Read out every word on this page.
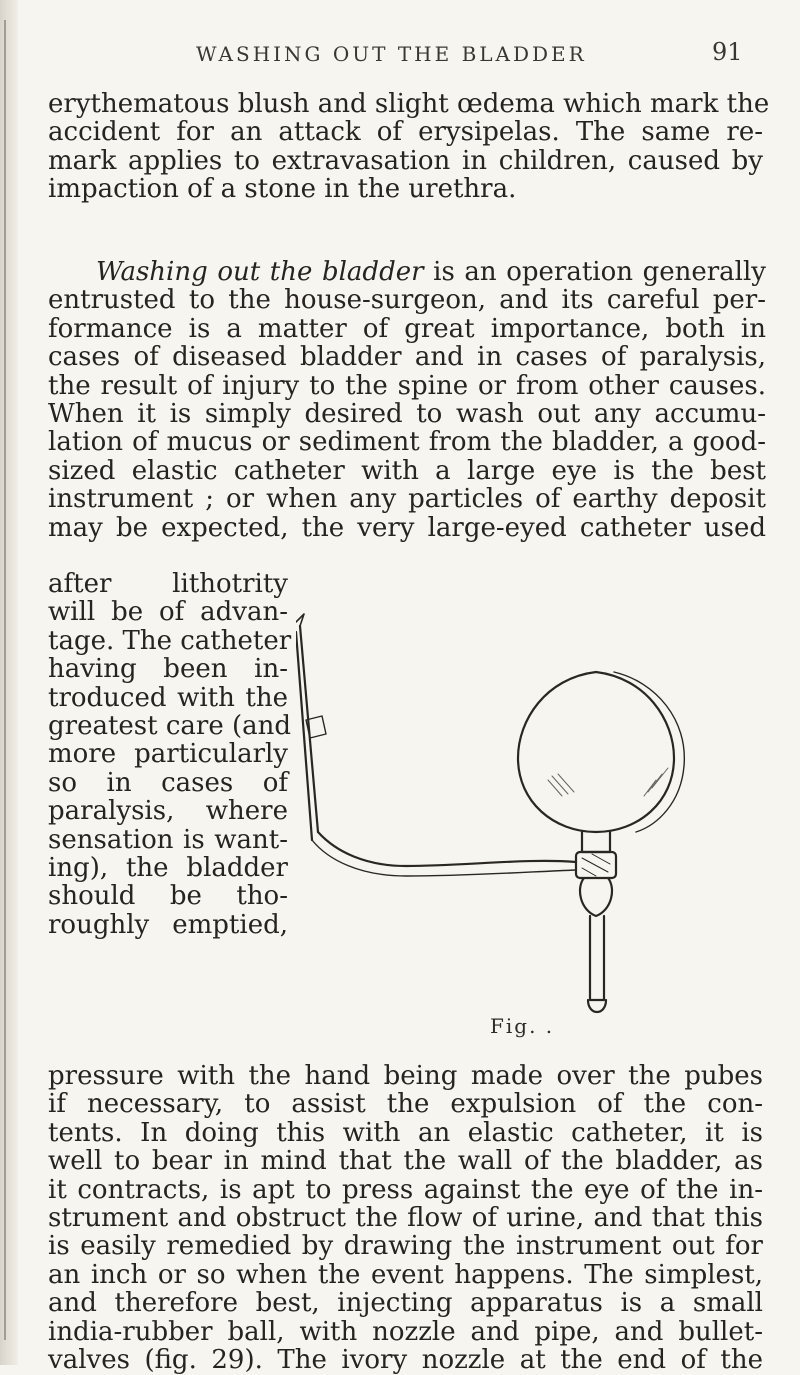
WASHING OUT THE BLADDER	91

erythematous blush and slight œdema which mark the
accident for an attack of erysipelas. The same re-
mark applies to extravasation in children, caused by
impaction of a stone in the urethra.

Washing out the bladder is an operation generally
entrusted to the house-surgeon, and its careful per-
formance is a matter of great importance, both in
cases of diseased bladder and in cases of paralysis,
the result of injury to the spine or from other causes.
When it is simply desired to wash out any accumu-
lation of mucus or sediment from the bladder, a good-
sized elastic catheter with a large eye is the best
instrument ; or when any particles of earthy deposit
may be expected, the very large-eyed catheter used

after lithotrity
will be of advan-
tage. The catheter
having been in-
troduced with the
greatest care (and
more particularly
so in cases of
paralysis, where
sensation is want-
ing), the bladder
should be tho-
roughly emptied,

Fig. .

pressure with the hand being made over the pubes
if necessary, to assist the expulsion of the con-
tents. In doing this with an elastic catheter, it is
well to bear in mind that the wall of the bladder, as
it contracts, is apt to press against the eye of the in-
strument and obstruct the flow of urine, and that this
is easily remedied by drawing the instrument out for
an inch or so when the event happens. The simplest,
and therefore best, injecting apparatus is a small
india-rubber ball, with nozzle and pipe, and bullet-
valves (fig. 29). The ivory nozzle at the end of the
